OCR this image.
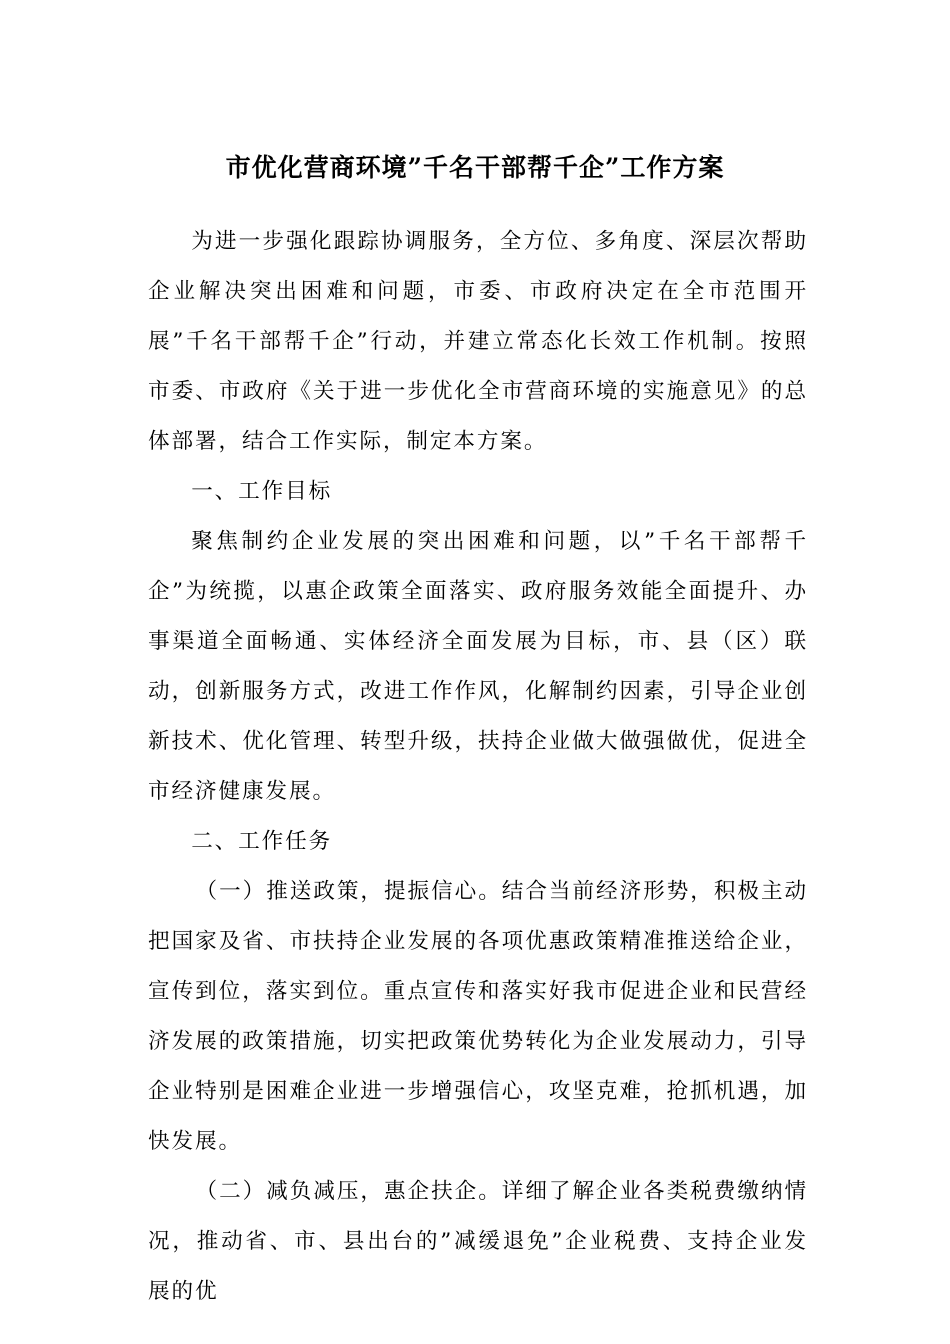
市优化营商环境”千名干部帮千企”工作方案

为进一步强化跟踪协调服务，全方位、多角度、深层次帮助企业解决突出困难和问题，市委、市政府决定在全市范围开展”千名干部帮千企”行动，并建立常态化长效工作机制。按照市委、市政府《关于进一步优化全市营商环境的实施意见》的总体部署，结合工作实际，制定本方案。

一、工作目标

聚焦制约企业发展的突出困难和问题，以”千名干部帮千企”为统揽，以惠企政策全面落实、政府服务效能全面提升、办事渠道全面畅通、实体经济全面发展为目标，市、县（区）联动，创新服务方式，改进工作作风，化解制约因素，引导企业创新技术、优化管理、转型升级，扶持企业做大做强做优，促进全市经济健康发展。

二、工作任务

（一）推送政策，提振信心。结合当前经济形势，积极主动把国家及省、市扶持企业发展的各项优惠政策精准推送给企业，宣传到位，落实到位。重点宣传和落实好我市促进企业和民营经济发展的政策措施，切实把政策优势转化为企业发展动力，引导企业特别是困难企业进一步增强信心，攻坚克难，抢抓机遇，加快发展。

（二）减负减压，惠企扶企。详细了解企业各类税费缴纳情况，推动省、市、县出台的”减缓退免”企业税费、支持企业发展的优
